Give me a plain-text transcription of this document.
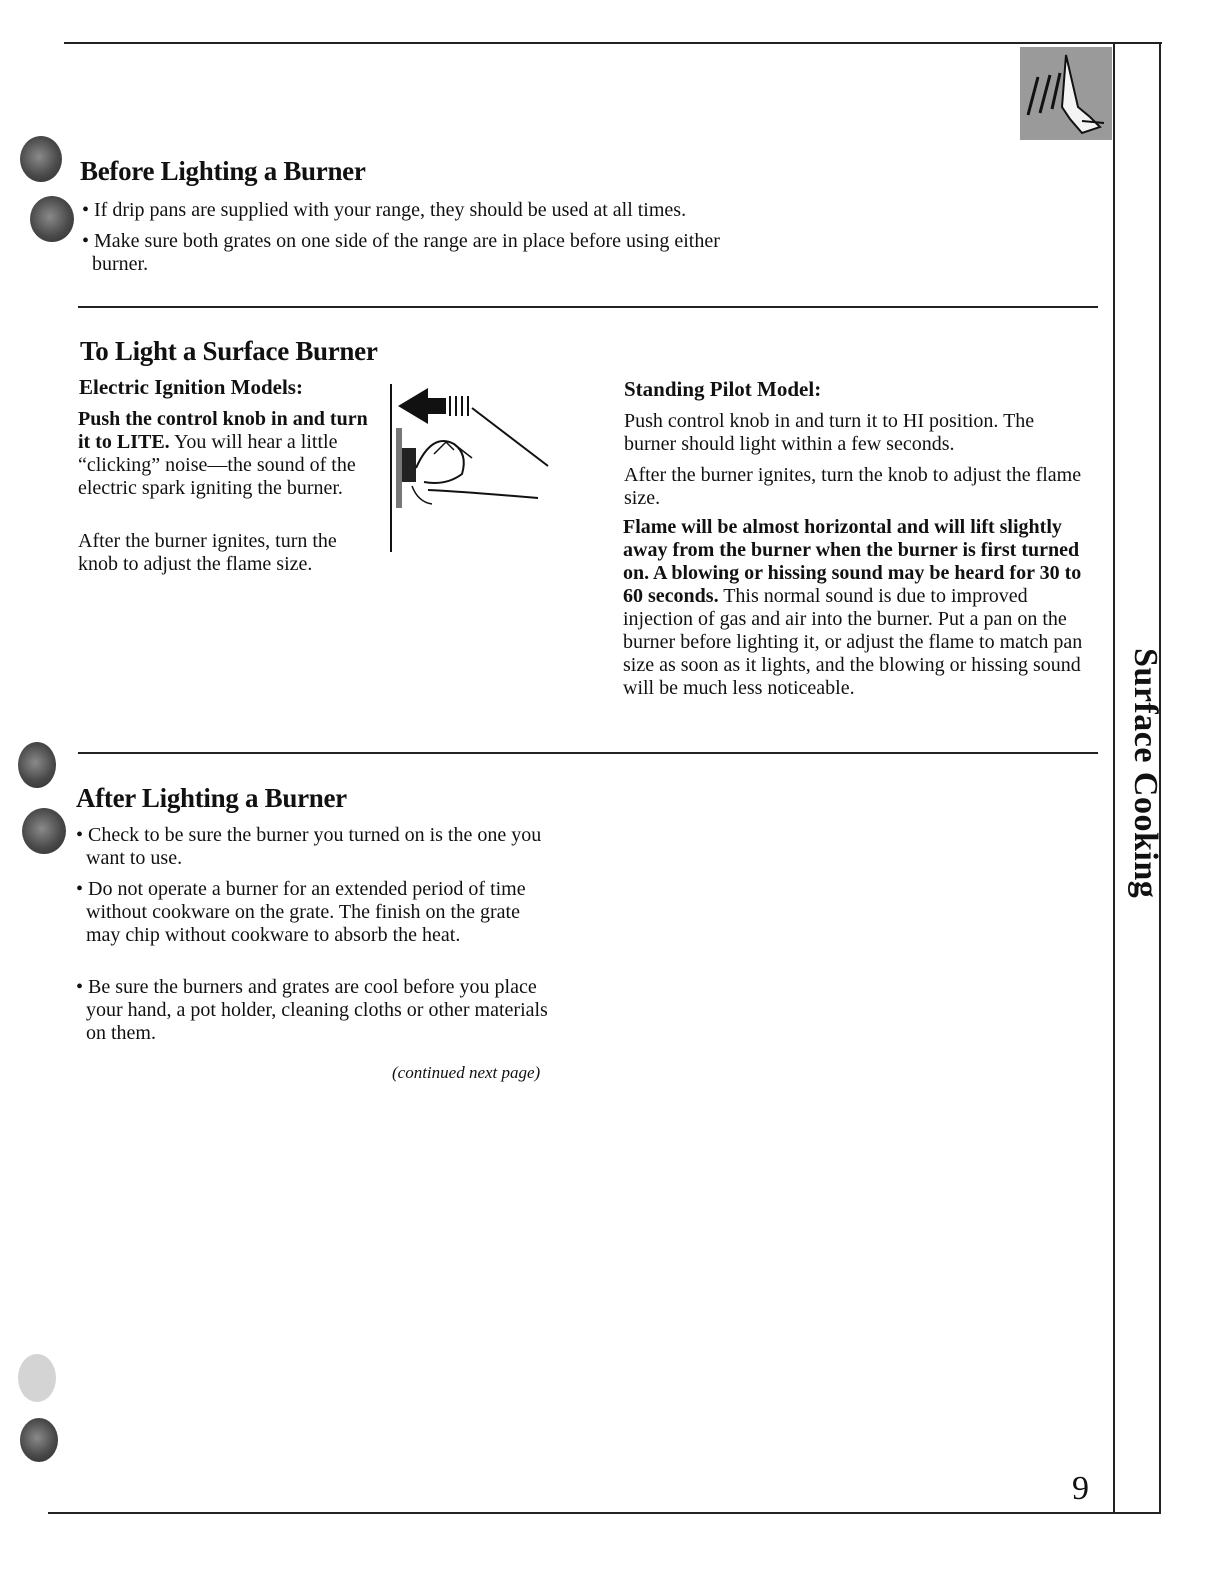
Surface Cooking
Before Lighting a Burner

• If drip pans are supplied with your range, they should be used at all times.

• Make sure both grates on one side of the range are in place before using either burner.

To Light a Surface Burner

Electric Ignition Models:

Push the control knob in and turn it to LITE. You will hear a little “clicking” noise—the sound of the electric spark igniting the burner.

After the burner ignites, turn the knob to adjust the flame size.

Standing Pilot Model:

Push control knob in and turn it to HI position. The burner should light within a few seconds.

After the burner ignites, turn the knob to adjust the flame size.

Flame will be almost horizontal and will lift slightly away from the burner when the burner is first turned on. A blowing or hissing sound may be heard for 30 to 60 seconds. This normal sound is due to improved injection of gas and air into the burner. Put a pan on the burner before lighting it, or adjust the flame to match pan size as soon as it lights, and the blowing or hissing sound will be much less noticeable.

After Lighting a Burner

• Check to be sure the burner you turned on is the one you want to use.

• Do not operate a burner for an extended period of time without cookware on the grate. The finish on the grate may chip without cookware to absorb the heat.

• Be sure the burners and grates are cool before you place your hand, a pot holder, cleaning cloths or other materials on them.

(continued next page)

9
